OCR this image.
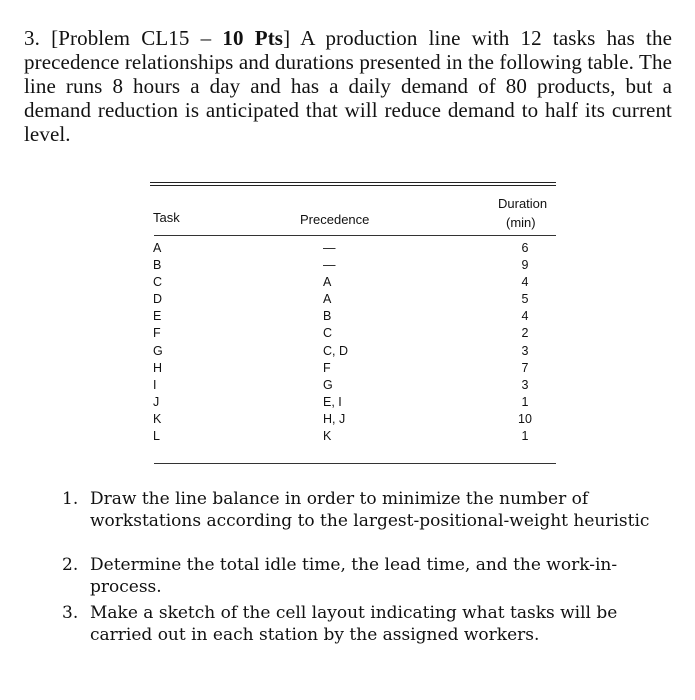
3. [Problem CL15 – 10 Pts] A production line with 12 tasks has the precedence relationships and durations presented in the following table. The line runs 8 hours a day and has a daily demand of 80 products, but a demand reduction is anticipated that will reduce demand to half its current level.
Task	Precedence
Duration
(min)
A
B
C
D
E
F
G
H
I
J
K
L
—
—
A
A
B
C
C, D
F
G
E, I
H, J
K
6
9
4
5
4
2
3
7
3
1
10
1
1. Draw the line balance in order to minimize the number of workstations according to the largest-positional-weight heuristic
2. Determine the total idle time, the lead time, and the work-in-process.
3. Make a sketch of the cell layout indicating what tasks will be carried out in each station by the assigned workers.
